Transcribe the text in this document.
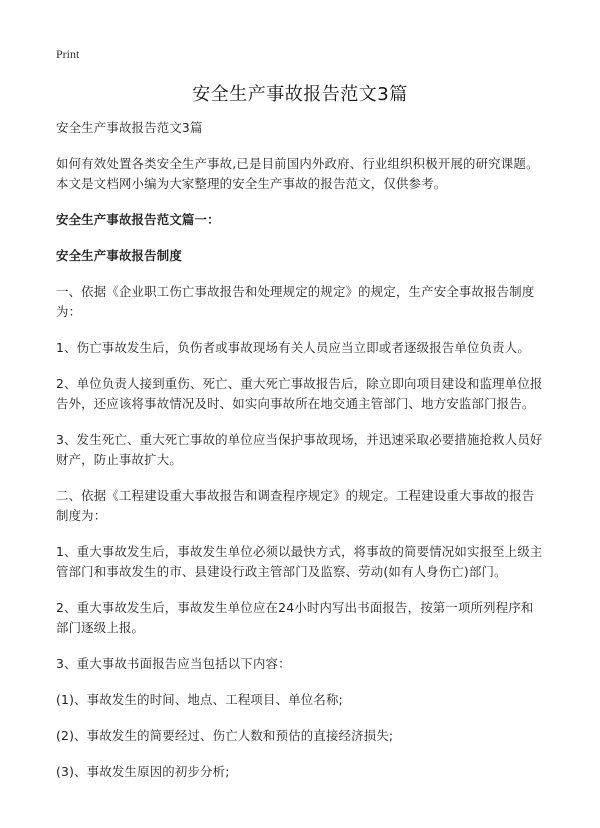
Print
安全生产事故报告范文3篇

安全生产事故报告范文3篇

如何有效处置各类安全生产事故,已是目前国内外政府、行业组织积极开展的研究课题。本文是文档网小编为大家整理的安全生产事故的报告范文，仅供参考。

安全生产事故报告范文篇一：

安全生产事故报告制度

一、依据《企业职工伤亡事故报告和处理规定的规定》的规定，生产安全事故报告制度为：

1、伤亡事故发生后，负伤者或事故现场有关人员应当立即或者逐级报告单位负责人。

2、单位负责人接到重伤、死亡、重大死亡事故报告后，除立即向项目建设和监理单位报告外，还应该将事故情况及时、如实向事故所在地交通主管部门、地方安监部门报告。

3、发生死亡、重大死亡事故的单位应当保护事故现场，并迅速采取必要措施抢救人员好财产，防止事故扩大。

二、依据《工程建设重大事故报告和调查程序规定》的规定。工程建设重大事故的报告制度为：

1、重大事故发生后，事故发生单位必须以最快方式，将事故的简要情况如实报至上级主管部门和事故发生的市、县建设行政主管部门及监察、劳动(如有人身伤亡)部门。

2、重大事故发生后，事故发生单位应在24小时内写出书面报告，按第一项所列程序和部门逐级上报。

3、重大事故书面报告应当包括以下内容：

(1)、事故发生的时间、地点、工程项目、单位名称;

(2)、事故发生的简要经过、伤亡人数和预估的直接经济损失;

(3)、事故发生原因的初步分析;
